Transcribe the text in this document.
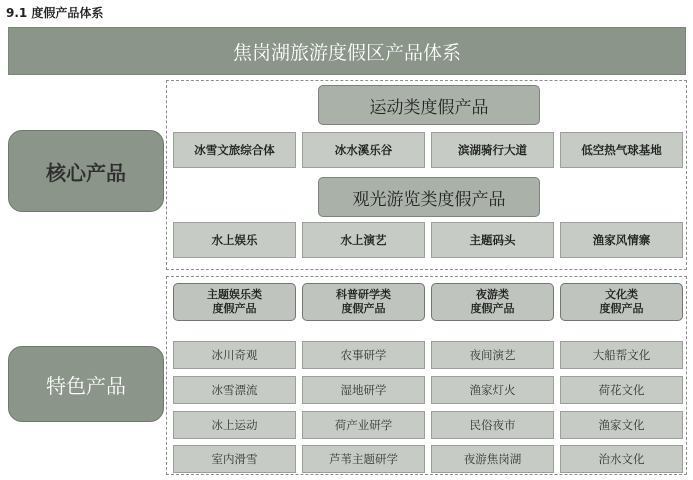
9.1 度假产品体系
焦岗湖旅游度假区产品体系
核心产品
运动类度假产品
冰雪文旅综合体	冰水溪乐谷	滨湖骑行大道	低空热气球基地
观光游览类度假产品
水上娱乐	水上演艺	主题码头	渔家风情寨
特色产品
主题娱乐类
度假产品
科普研学类
度假产品
夜游类
度假产品
文化类
度假产品
冰川奇观	农事研学	夜间演艺	大船帮文化
冰雪漂流	湿地研学	渔家灯火	荷花文化
冰上运动	荷产业研学	民俗夜市	渔家文化
室内滑雪	芦苇主题研学	夜游焦岗湖	治水文化
